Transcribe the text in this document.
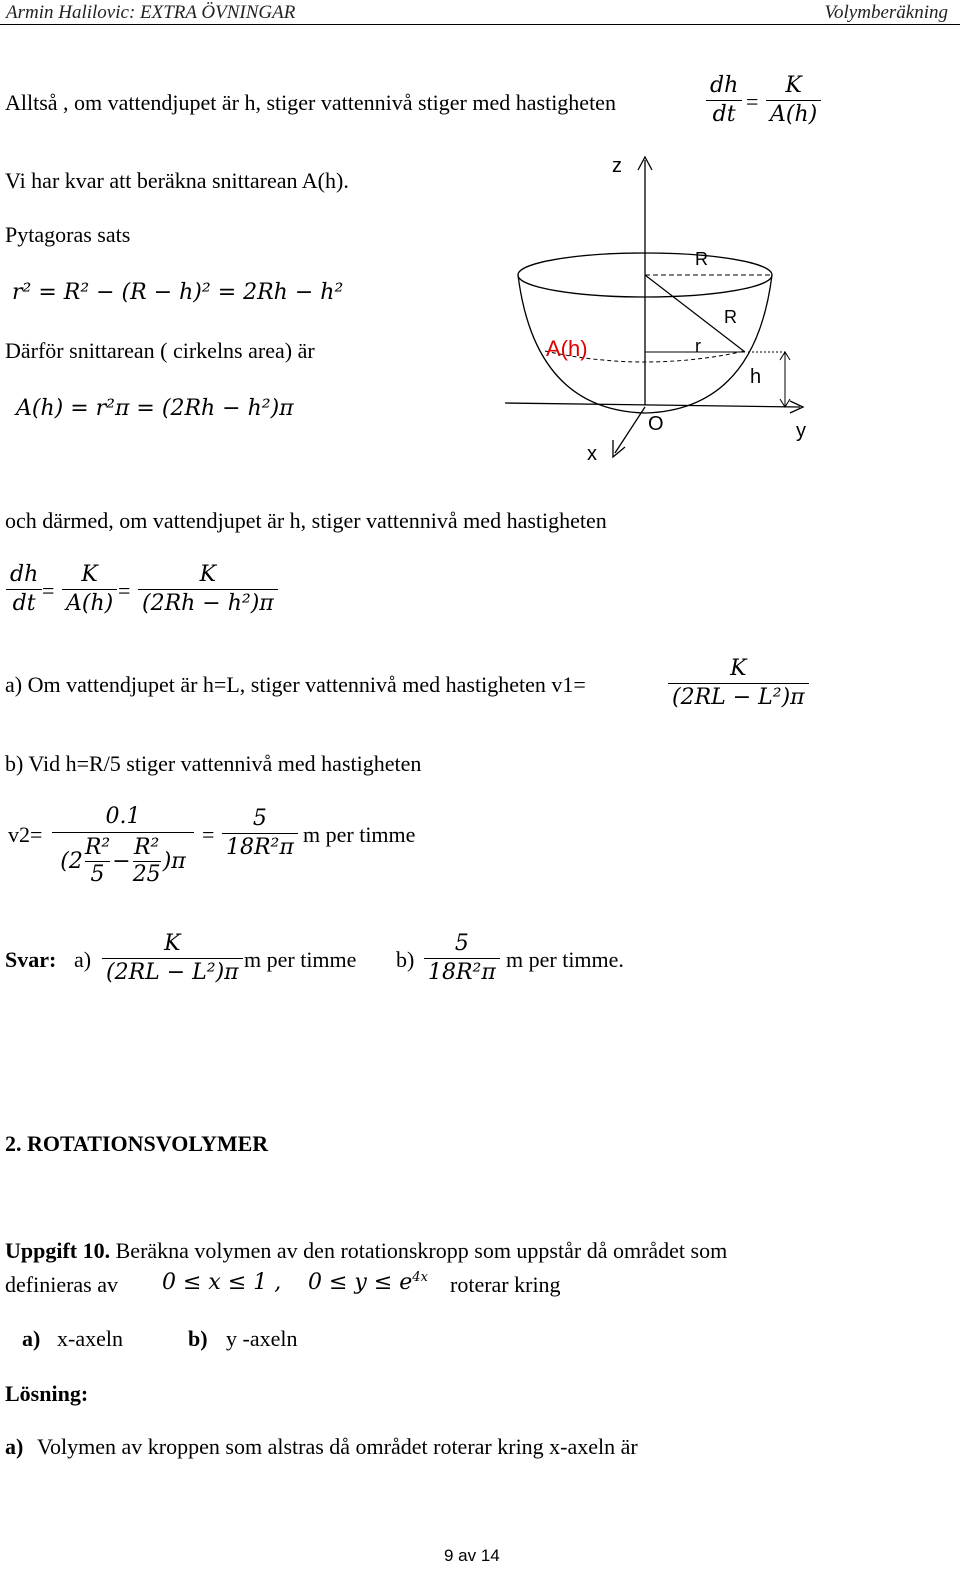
Armin Halilovic: EXTRA ÖVNINGAR	Volymberäkning
Alltså , om vattendjupet är h, stiger vattennivå stiger med hastigheten	$\frac{dh}{dt} = \frac{K}{A(h)}$
Vi har kvar att beräkna snittarean A(h).
Pytagoras sats
r² = R² − (R − h)² = 2Rh − h²
Därför snittarean ( cirkelns area) är
A(h) = r²π = (2Rh − h²)π
z
R
R
r
h
A(h)
O
x
y
och därmed, om vattendjupet är h, stiger vattennivå med hastigheten
$\frac{dh}{dt} = \frac{K}{A(h)} = \frac{K}{\text{(2Rh − h²)π}}$
a) Om vattendjupet är h=L, stiger vattennivå med hastigheten v1=	$\frac{K}{\text{(2RL − L²)π}}$
b) Vid h=R/5 stiger vattennivå med hastigheten
v2=
0.1
$(2 \frac{\text{R²}}{5} - \frac{\text{R²}}{25} )\pi$
= $\frac{5}{\text{18R²π}}$ m per timme
Svar: $a) \frac{K}{\text{(2RL − L²)π}}$ m per timme $b) \frac{5}{\text{18R²π}}$ m per timme.
2. ROTATIONSVOLYMER
Uppgift 10. Beräkna volymen av den rotationskropp som uppstår då området som
definieras av 0 ≤ x ≤ 1 , $0 \le y \le e^{4x}$ roterar kring
a) x-axeln	b) y -axeln
Lösning:
a) Volymen av kroppen som alstras då området roterar kring x-axeln är
9 av 14
